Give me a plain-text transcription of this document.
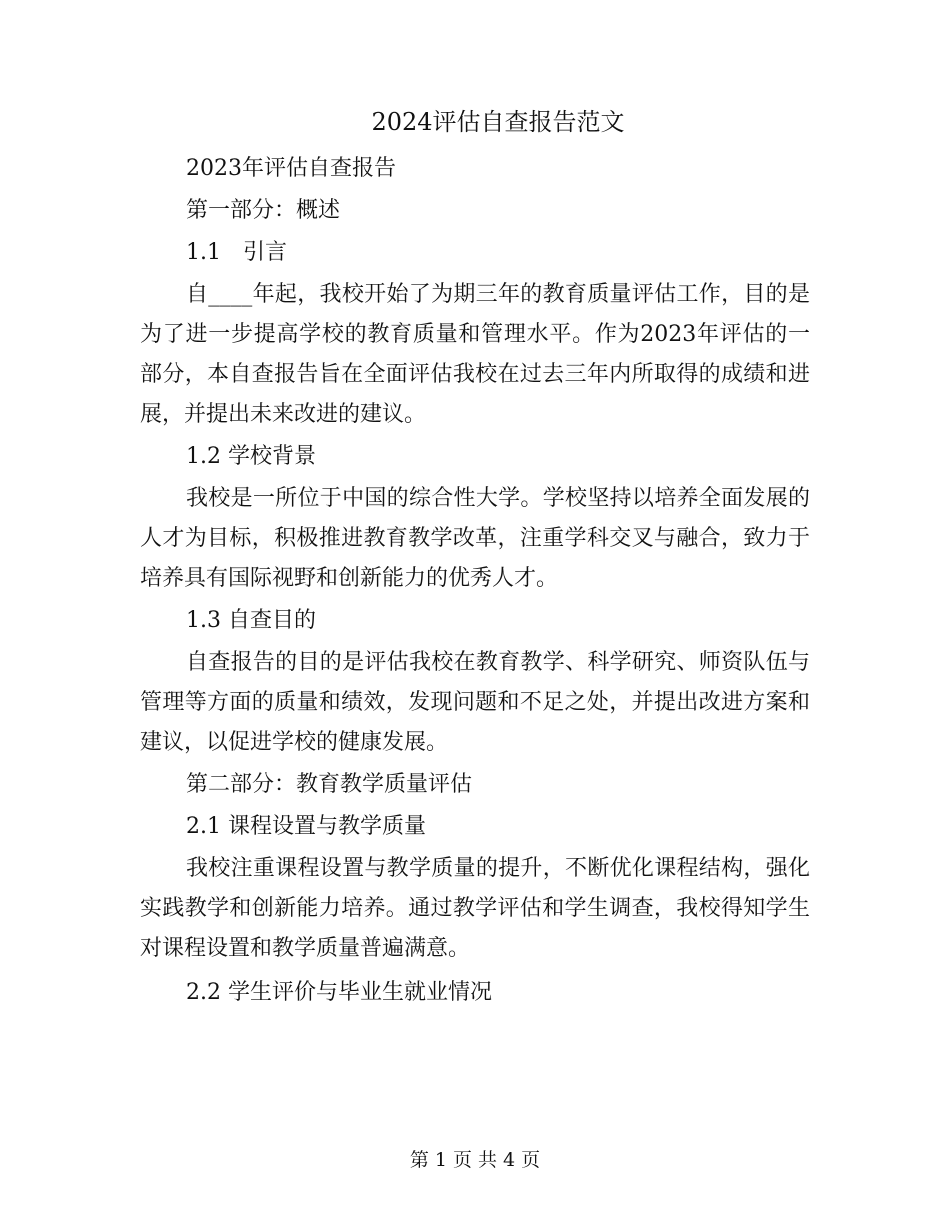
2024评估自查报告范文

2023年评估自查报告

第一部分：概述

1.1　引言

自____年起，我校开始了为期三年的教育质量评估工作，目的是为了进一步提高学校的教育质量和管理水平。作为2023年评估的一部分，本自查报告旨在全面评估我校在过去三年内所取得的成绩和进展，并提出未来改进的建议。

1.2 学校背景

我校是一所位于中国的综合性大学。学校坚持以培养全面发展的人才为目标，积极推进教育教学改革，注重学科交叉与融合，致力于培养具有国际视野和创新能力的优秀人才。

1.3 自查目的

自查报告的目的是评估我校在教育教学、科学研究、师资队伍与管理等方面的质量和绩效，发现问题和不足之处，并提出改进方案和建议，以促进学校的健康发展。

第二部分：教育教学质量评估

2.1 课程设置与教学质量

我校注重课程设置与教学质量的提升，不断优化课程结构，强化实践教学和创新能力培养。通过教学评估和学生调查，我校得知学生对课程设置和教学质量普遍满意。

2.2 学生评价与毕业生就业情况

第 1 页 共 4 页
